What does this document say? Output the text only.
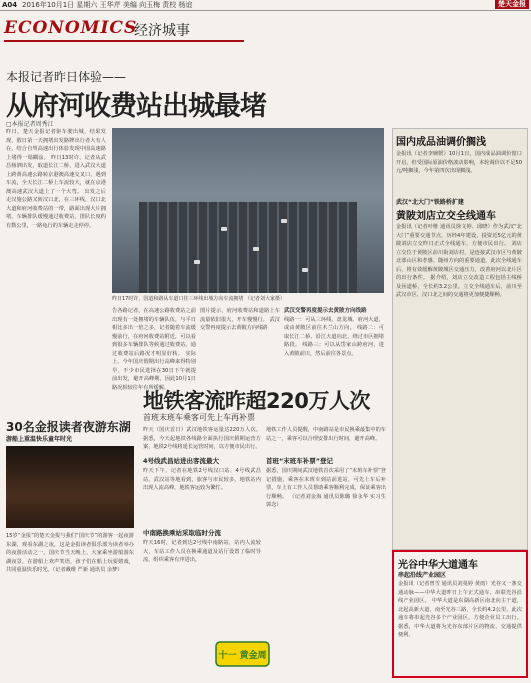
A04 2016年10月1日 星期六 王华芹 美编 向玉梅 责校 杨谊	楚天金报
ECONOMICS
经济城事
本报记者昨日体验——
从府河收费站出城最堵
□本报记者周秀江
昨日，楚天金报记者驱车驶出城，结果发现，假日第一天拥堵出发路牌出行者大有人在，结合自驾高速出行体验发现中国高速路上堵得一塌糊涂。 昨日13时许，记者从武昌杨泗出发，取道长江二桥，进入武汉大道上跨黄高速公路转京港澳高速交叉口，遇到车流，全天长江二桥上车流较大，就在京港澳高速武汉大道上了一个大弯。 出发之后走汉施公路又转汉口北，在三环线，汉口北大道和府河收费站的一带，路面出现大片拥堵。车辆排队缓慢通过收费站，排队长度约有数公里，一路龟行的车辆走走停停。
昨日17时许，国道和路从车道口往三环线出城方向车流拥堵 （记者刘大家摄）
告各路记者，在高速公路收费站之前出现有一处拥堵的车辆队伍，与平日相比多出一倍之多，记者随着车流缓慢前行，在府河收费站附近，可以看到很多车辆排队等候通过收费站。通过收费站后路况才明显好转。 实际上，今年国庆假期出行高峰来得特别早，不少市民选择在30日下午就提前出发，避开高峰期，因此10月1日路况相较往年有所缓解。
图片提示，府河收费站和道路上车流量依旧很大，开车慢慢行。 武汉交警再度提示去黄陂方向线路
武汉交警再度提示去黄陂方向线路
线路一：可从三环线、盘龙城、府河大道，或由黄陂区前往木兰山方向。 线路二：可取长江二桥、沿江大道向北，绕过市区拥堵路段。 线路三：可以从岱家山跨府河，进入黄陂前川，然后前往各景点。
地铁客流昨超220万人次
首班末班车乘客可先上车再补票
昨天（国庆首日）武汉地铁客运量达220万人次。据悉，今天起地铁各线路全面执行国庆假期运营方案，地铁2号线将延长运营时间，以方便市民出行。
4号线武昌站进出客流最大
昨天下午，记者在地铁2号线汉口站、4号线武昌站、武汉站等地看到，旅客与市民较多，地铁站内出现人流高峰，地铁客运较为繁忙。
中南路换乘站采取临时分流
昨天16时，记者到达2号线中南路站，站内人流较大，车站工作人员在换乘通道及站厅设置了临时导流，组织乘客有序进出。
地铁工作人员提醒，中南路站是市民换乘最集中的车站之一，乘客可以合理安排出行时间，避开高峰。
首班“末班车补票”登记
据悉，国庆期间武汉地铁首次采用了“末班车补票”登记措施，乘客在末班车到站前进站，可先上车后补票，车上有工作人员帮助乘客顺利完成，保证乘客出行顺畅。 （记者刘金海 通讯员陈璐 徐永华 实习生郭念）
30名金报读者夜游东湖
游船上重温快乐童年时光
15岁“金报”的楚天金报与我们“国庆节”的游客一起夜游东湖，观看东湖之夜，这是金报读者俱乐部为读者举办的夜游活动之一。国庆节当天晚上，大家乘坐游船游东湖夜景，在游船上欢声笑语，孩子们在船上玩耍嬉戏，共同重温快乐时光。（记者戴维 严新 通讯员 余梦）
国内成品油调价搁浅
金报讯（记者李婉媛）10月1日，国内成品油调价窗口开启，但受国际原油价格波动影响，本轮调价以不足50元/吨搁浅，今年第四次出现搁浅。
武汉“北大门”铁路桥扩建
黄陂刘店立交全线通车
金报讯（记者叶维 通讯员徐文婷、邱晓）作为武汉“北大门”重要交通节点，历经4年建设，投资近5亿元的黄陂刘店立交昨日正式全线通车，方便市民出行。 刘店立交位于黄陂区前川街刘店村，是连接武汉市区与黄陂北部山区和孝感、随州方向的重要通道，此次全线通车后，将有效缓解黄陂城区交通压力，改善府河以北片区的出行条件。 据介绍，刘店立交改造工程包括主线桥及匝道桥，全长约3.2公里。立交全线通车后，前川至武汉市区、汉口北之间的交通将更加便捷顺畅。
光谷中华大道通车
串起沿线产业园区
金报讯（记者曾雪 通讯员刘曼婷 黄雨）光谷又一条交通动脉——中华大道昨日上午正式通车，串联光谷沿线产业园区。 中华大道是东湖高新区南北向主干道，北起高新大道，南至光谷三路，全长约4.2公里，此次通车将串起光谷多个产业园区，方便企业员工出行。 据悉，中华大道将为光谷东部片区的物流、交通提供便利。
十一 黄金周
